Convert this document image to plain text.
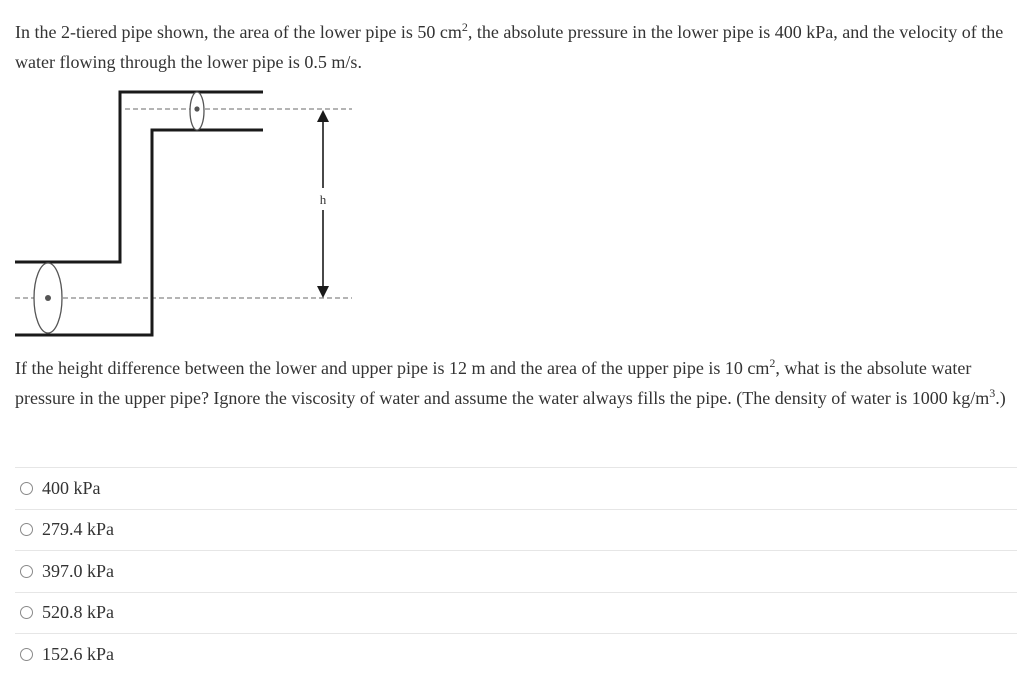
In the 2-tiered pipe shown, the area of the lower pipe is 50 $cm^2$, the absolute pressure in the lower pipe is 400 kPa, and the velocity of the water flowing through the lower pipe is 0.5 m/s.

h

If the height difference between the lower and upper pipe is 12 m and the area of the upper pipe is 10 $cm^2$, what is the absolute water pressure in the upper pipe? Ignore the viscosity of water and assume the water always fills the pipe. (The density of water is 1000 $kg/m^3$.)

400 kPa
279.4 kPa
397.0 kPa
520.8 kPa
152.6 kPa
